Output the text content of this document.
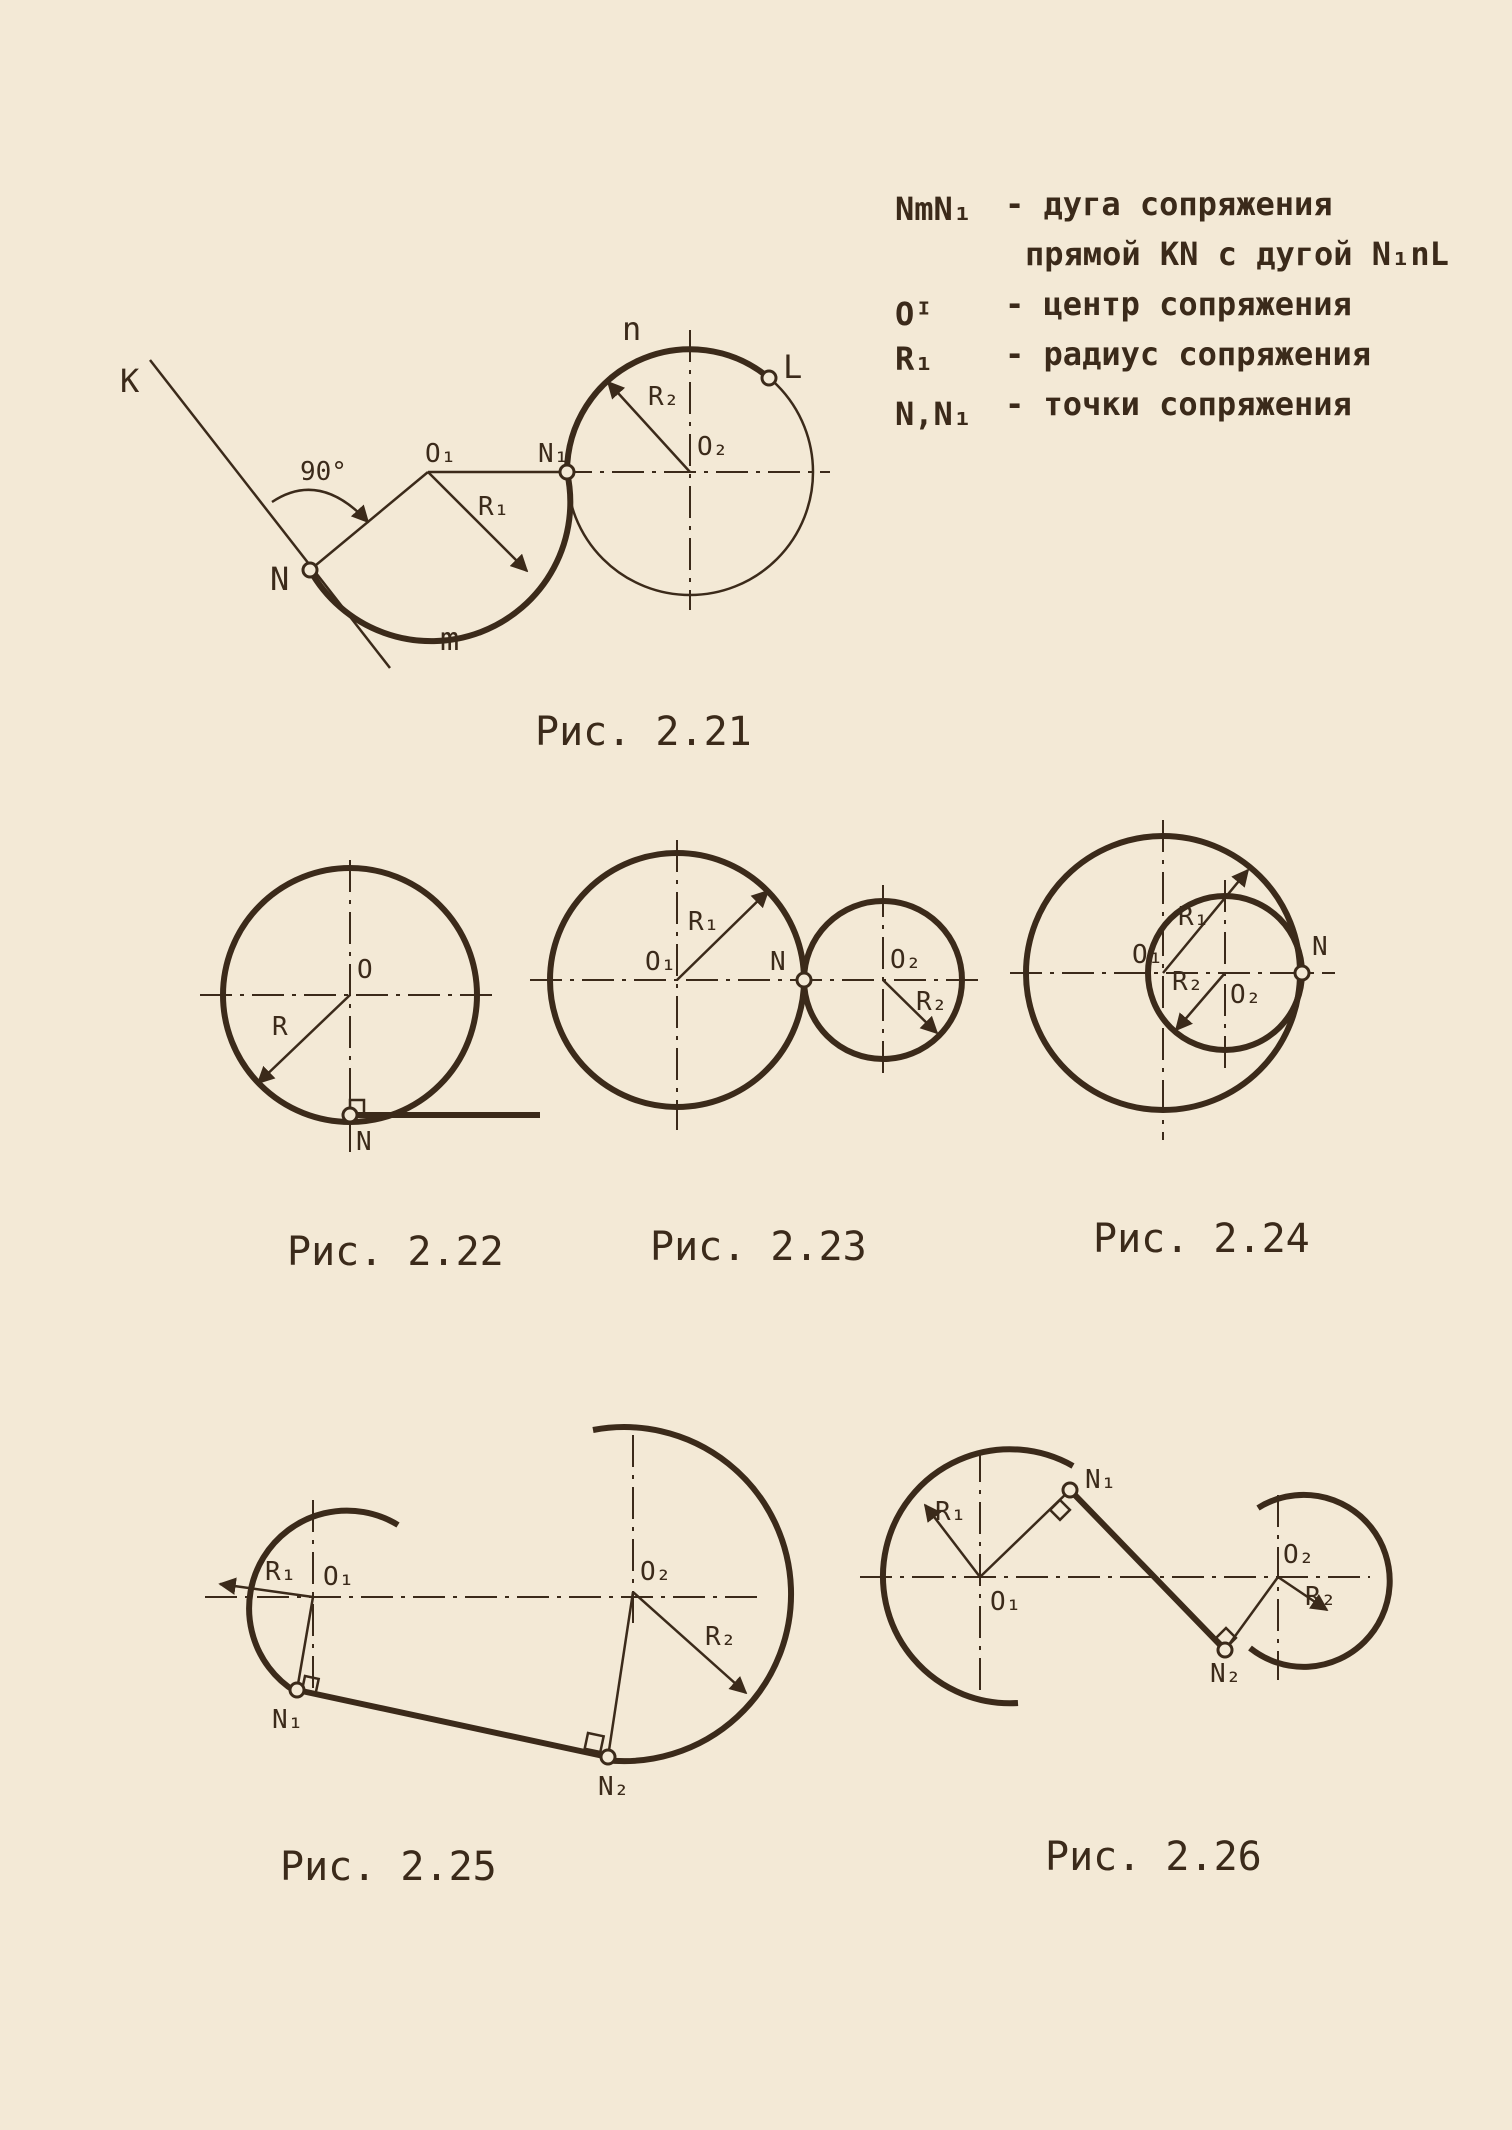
NmN₁ - дуга сопряжения
прямой KN с дугой N₁nL
Oᴵ - центр сопряжения
R₁ - радиус сопряжения
N,N₁ - точки сопряжения
K
90°
O₁	N₁
R₁
R₂
O₂
n
L
N
m
Рис. 2.21
O
R
N
Рис. 2.22
O₁
R₁
N	O₂
R₂
Рис. 2.23
O₁
R₁
N
O₂
R₂
Рис. 2.24
R₁ O₁
N₁
O₂
R₂
N₂
Рис. 2.25
R₁
N₁
O₁
O₂
R₂
N₂
Рис. 2.26
